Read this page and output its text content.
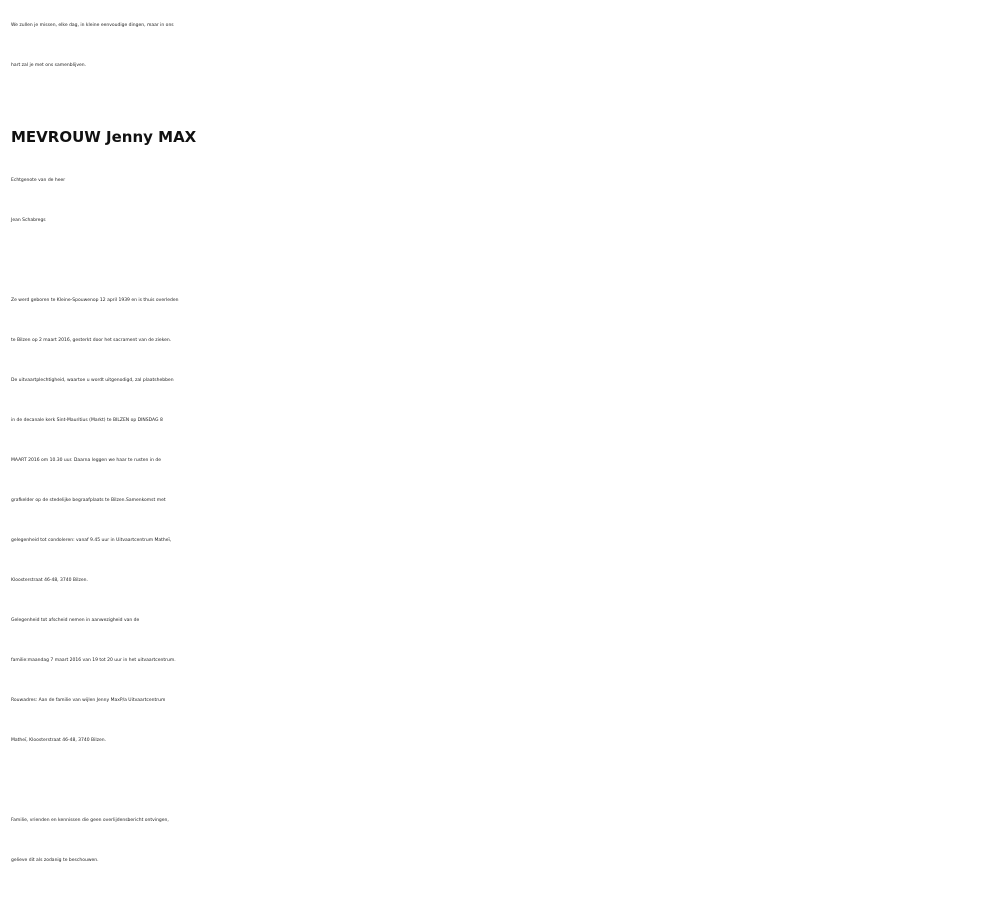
We zullen je missen, elke dag, in kleine eenvoudige dingen, maar in ons
hart zal je met ons samenblijven.
MEVROUW Jenny MAX
Echtgenote van de heer
Jean Schabregs
Ze werd geboren te Kleine-Spouwenop 12 april 1939 en is thuis overleden
te Bilzen op 2 maart 2016, gesterkt door het sacrament van de zieken.
De uitvaartplechtigheid, waartoe u wordt uitgenodigd, zal plaatshebben
in de decanale kerk Sint-Mauritius (Markt) te BILZEN op DINSDAG 8
MAART 2016 om 10.30 uur. Daarna leggen we haar te rusten in de
grafkelder op de stedelijke begraafplaats te Bilzen.Samenkomst met
gelegenheid tot condoleren: vanaf 9.45 uur in Uitvaartcentrum Matheï,
Kloosterstraat 46-48, 3740 Bilzen.
Gelegenheid tot afscheid nemen in aanwezigheid van de
familie:maandag 7 maart 2016 van 19 tot 20 uur in het uitvaartcentrum.
Rouwadres: Aan de familie van wijlen Jenny MaxP/a Uitvaartcentrum
Matheï, Kloosterstraat 46-48, 3740 Bilzen.
Familie, vrienden en kennissen die geen overlijdensbericht ontvingen,
gelieve dit als zodanig te beschouwen.
